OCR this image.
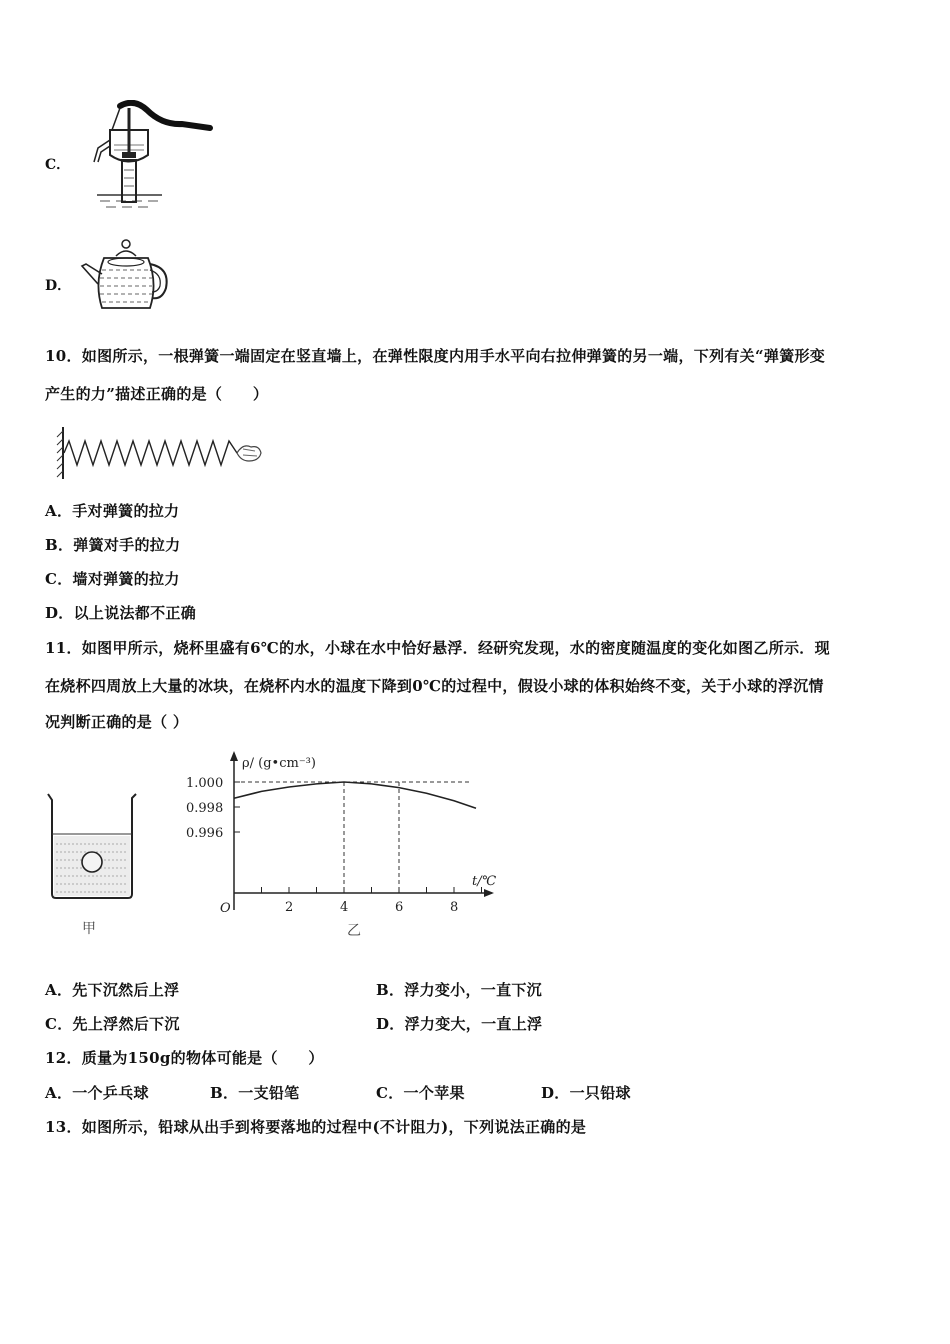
C．
D．
10．如图所示，一根弹簧一端固定在竖直墙上，在弹性限度内用手水平向右拉伸弹簧的另一端，下列有关“弹簧形变
产生的力”描述正确的是（　　）
A．手对弹簧的拉力
B．弹簧对手的拉力
C．墙对弹簧的拉力
D．以上说法都不正确
11．如图甲所示，烧杯里盛有6℃的水，小球在水中恰好悬浮．经研究发现，水的密度随温度的变化如图乙所示．现
在烧杯四周放上大量的冰块，在烧杯内水的温度下降到0℃的过程中，假设小球的体积始终不变，关于小球的浮沉情
况判断正确的是（ ）
甲
2	4	6	8
1.000
0.998
0.996
ρ/ (g•cm⁻³)
t/℃
O
乙
A．先下沉然后上浮	B．浮力变小，一直下沉
C．先上浮然后下沉	D．浮力变大，一直上浮
12．质量为150g的物体可能是（　　）
A．一个乒乓球	B．一支铅笔	C．一个苹果	D．一只铅球
13．如图所示，铅球从出手到将要落地的过程中(不计阻力)，下列说法正确的是
